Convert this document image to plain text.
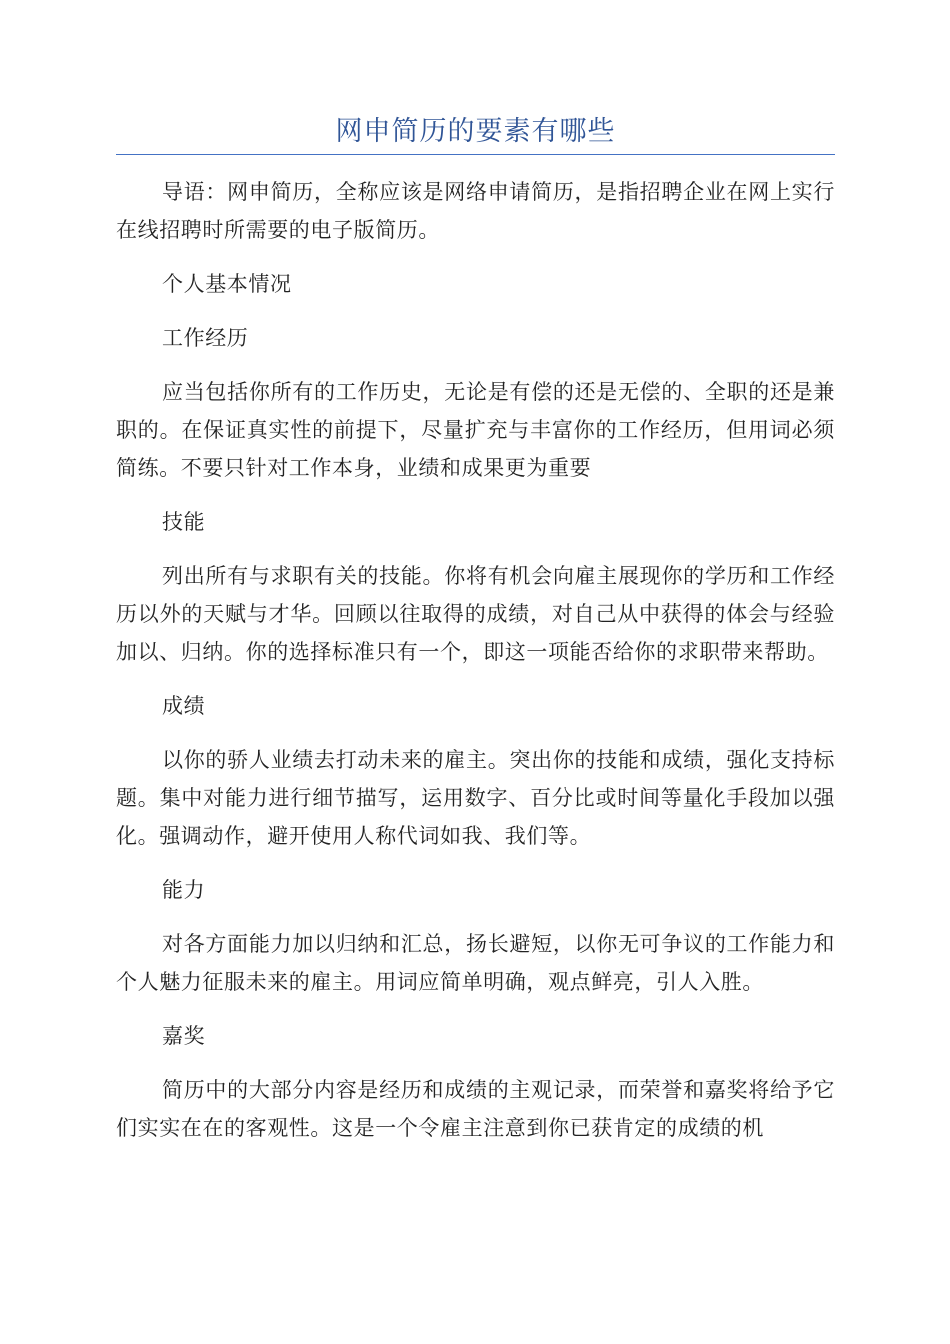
网申简历的要素有哪些

导语：网申简历，全称应该是网络申请简历，是指招聘企业在网上实行在线招聘时所需要的电子版简历。

个人基本情况

工作经历

应当包括你所有的工作历史，无论是有偿的还是无偿的、全职的还是兼职的。在保证真实性的前提下，尽量扩充与丰富你的工作经历，但用词必须简练。不要只针对工作本身，业绩和成果更为重要

技能

列出所有与求职有关的技能。你将有机会向雇主展现你的学历和工作经历以外的天赋与才华。回顾以往取得的成绩，对自己从中获得的体会与经验加以、归纳。你的选择标准只有一个，即这一项能否给你的求职带来帮助。

成绩

以你的骄人业绩去打动未来的雇主。突出你的技能和成绩，强化支持标题。集中对能力进行细节描写，运用数字、百分比或时间等量化手段加以强化。强调动作，避开使用人称代词如我、我们等。

能力

对各方面能力加以归纳和汇总，扬长避短，以你无可争议的工作能力和个人魅力征服未来的雇主。用词应简单明确，观点鲜亮，引人入胜。

嘉奖

简历中的大部分内容是经历和成绩的主观记录，而荣誉和嘉奖将给予它们实实在在的客观性。这是一个令雇主注意到你已获肯定的成绩的机
